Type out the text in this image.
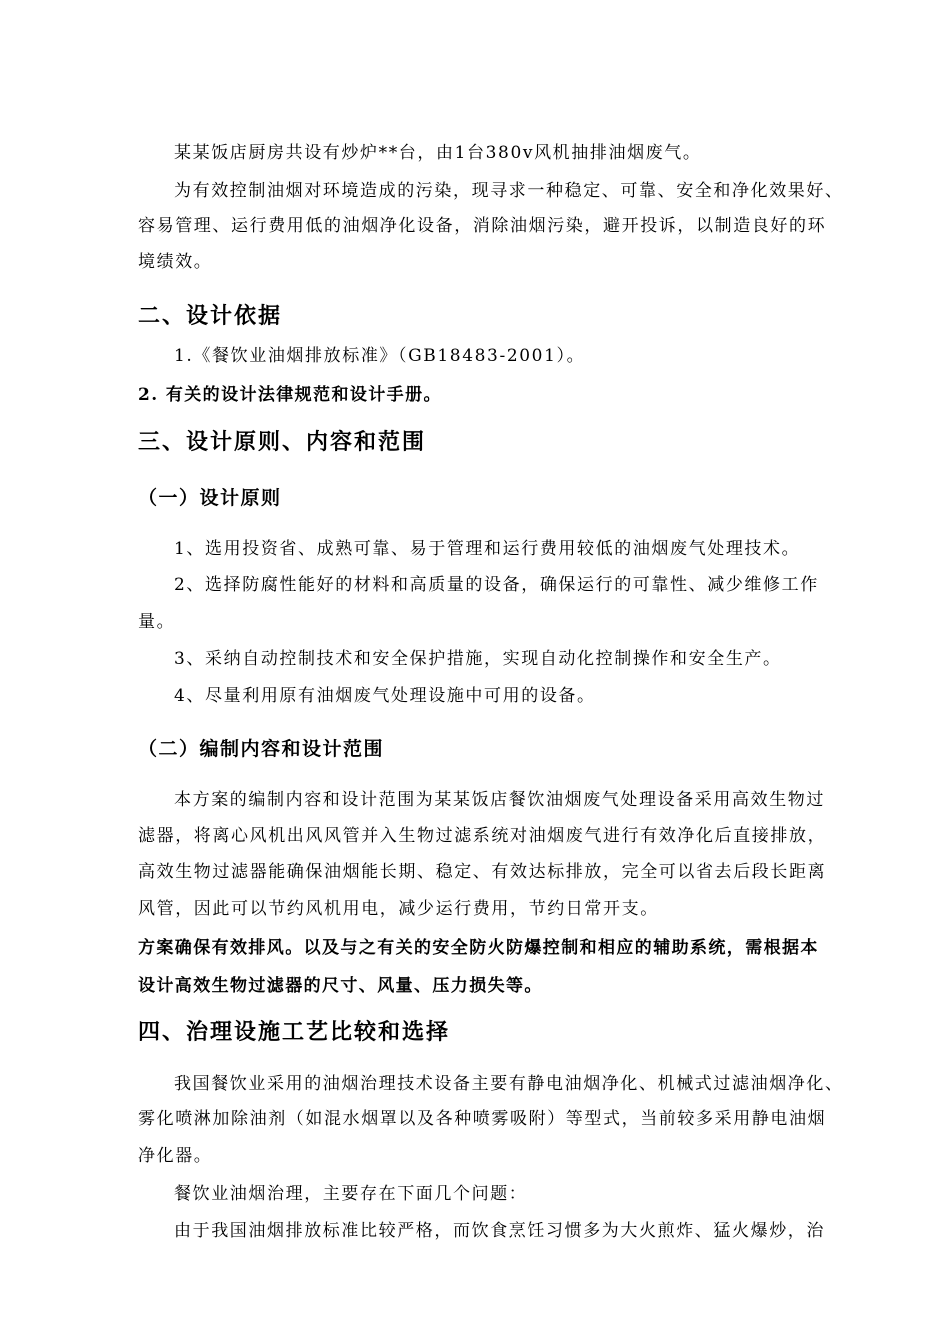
某某饭店厨房共设有炒炉**台，由1台380v风机抽排油烟废气。
为有效控制油烟对环境造成的污染，现寻求一种稳定、可靠、安全和净化效果好、
容易管理、运行费用低的油烟净化设备，消除油烟污染，避开投诉，以制造良好的环
境绩效。
二、设计依据
1.《餐饮业油烟排放标准》（GB18483-2001）。
2. 有关的设计法律规范和设计手册。
三、设计原则、内容和范围
（一）设计原则
1、选用投资省、成熟可靠、易于管理和运行费用较低的油烟废气处理技术。
2、选择防腐性能好的材料和高质量的设备，确保运行的可靠性、减少维修工作
量。
3、采纳自动控制技术和安全保护措施，实现自动化控制操作和安全生产。
4、尽量利用原有油烟废气处理设施中可用的设备。
（二）编制内容和设计范围
本方案的编制内容和设计范围为某某饭店餐饮油烟废气处理设备采用高效生物过
滤器，将离心风机出风风管并入生物过滤系统对油烟废气进行有效净化后直接排放，
高效生物过滤器能确保油烟能长期、稳定、有效达标排放，完全可以省去后段长距离
风管，因此可以节约风机用电，减少运行费用，节约日常开支。
方案确保有效排风。以及与之有关的安全防火防爆控制和相应的辅助系统，需根据本
设计高效生物过滤器的尺寸、风量、压力损失等。
四、治理设施工艺比较和选择
我国餐饮业采用的油烟治理技术设备主要有静电油烟净化、机械式过滤油烟净化、
雾化喷淋加除油剂（如混水烟罩以及各种喷雾吸附）等型式，当前较多采用静电油烟
净化器。
餐饮业油烟治理，主要存在下面几个问题：
由于我国油烟排放标准比较严格，而饮食烹饪习惯多为大火煎炸、猛火爆炒，治
